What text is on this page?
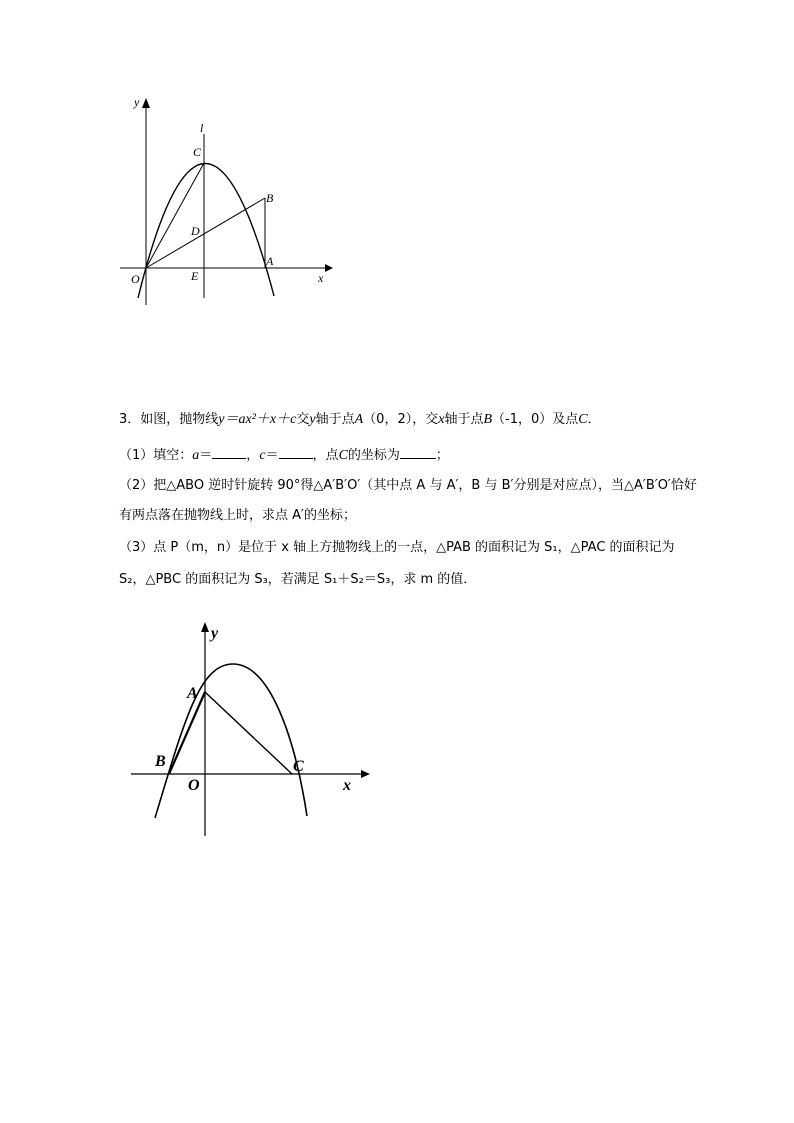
y
x
l
C
B
D
A
O	E
3．如图，抛物线y＝ax²＋x＋c交y轴于点A（0，2），交x轴于点B（-1，0）及点C．
（1）填空：a＝	，c＝	，点C的坐标为	；
（2）把△ABO 逆时针旋转 90°得△A′B′O′（其中点 A 与 A′，B 与 B′分别是对应点），当△A′B′O′恰好
有两点落在抛物线上时，求点 A′的坐标；
（3）点 P（m，n）是位于 x 轴上方抛物线上的一点，△PAB 的面积记为 S₁，△PAC 的面积记为
S₂，△PBC 的面积记为 S₃，若满足 S₁＋S₂＝S₃，求 m 的值．
y
x
A
B	C
O
